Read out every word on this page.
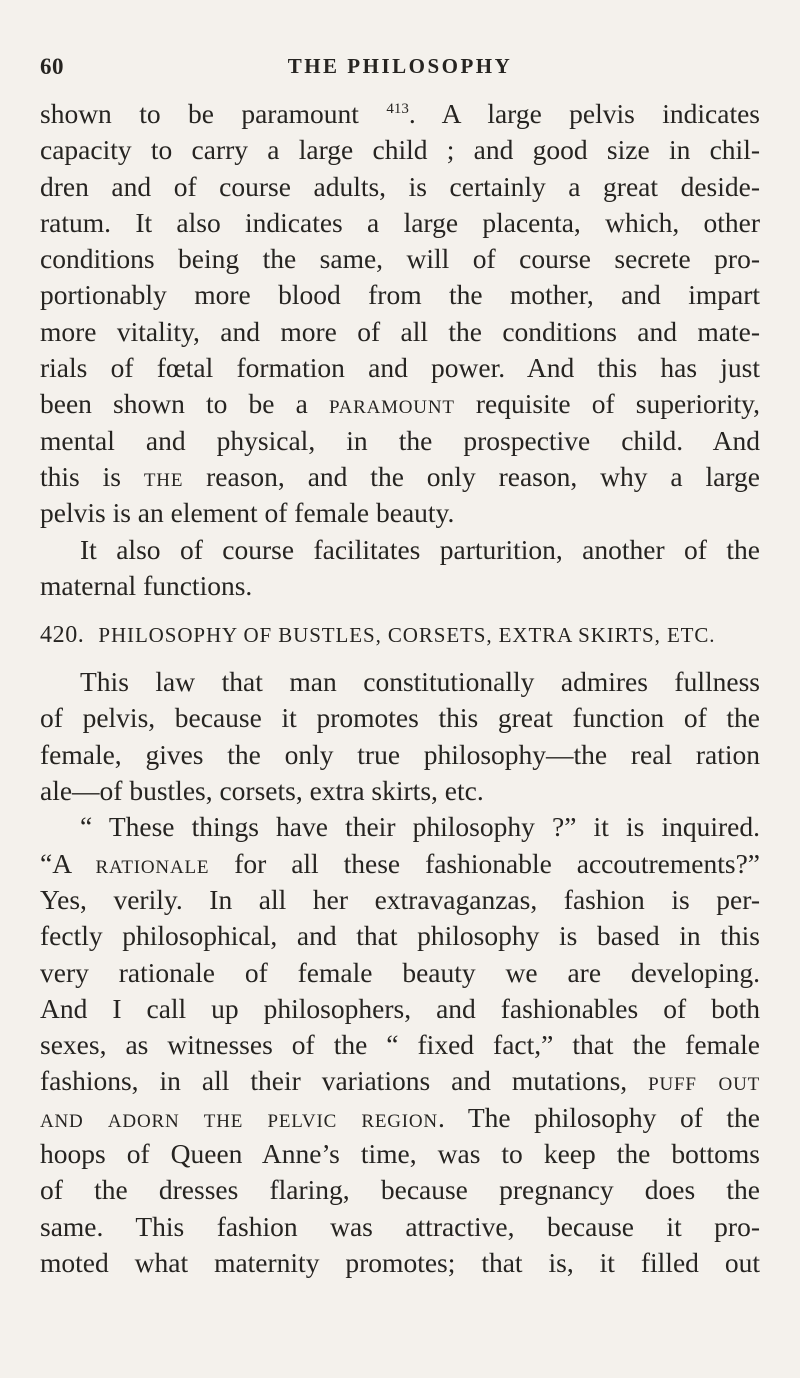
60	THE PHILOSOPHY
shown to be paramount $^{413}$. A large pelvis indicates
capacity to carry a large child ; and good size in chil-
dren and of course adults, is certainly a great deside-
ratum. It also indicates a large placenta, which, other
conditions being the same, will of course secrete pro-
portionably more blood from the mother, and impart
more vitality, and more of all the conditions and mate-
rials of fœtal formation and power. And this has just
been shown to be a paramount requisite of superiority,
mental and physical, in the prospective child. And
this is the reason, and the only reason, why a large
pelvis is an element of female beauty.
It also of course facilitates parturition, another of the
maternal functions.
420. PHILOSOPHY OF BUSTLES, CORSETS, EXTRA SKIRTS, ETC.
This law that man constitutionally admires fullness
of pelvis, because it promotes this great function of the
female, gives the only true philosophy—the real ration
ale—of bustles, corsets, extra skirts, etc.
“ These things have their philosophy ?” it is inquired.
“A rationale for all these fashionable accoutrements?”
Yes, verily. In all her extravaganzas, fashion is per-
fectly philosophical, and that philosophy is based in this
very rationale of female beauty we are developing.
And I call up philosophers, and fashionables of both
sexes, as witnesses of the “ fixed fact,” that the female
fashions, in all their variations and mutations, puff out
and adorn the pelvic region. The philosophy of the
hoops of Queen Anne’s time, was to keep the bottoms
of the dresses flaring, because pregnancy does the
same. This fashion was attractive, because it pro-
moted what maternity promotes; that is, it filled out
